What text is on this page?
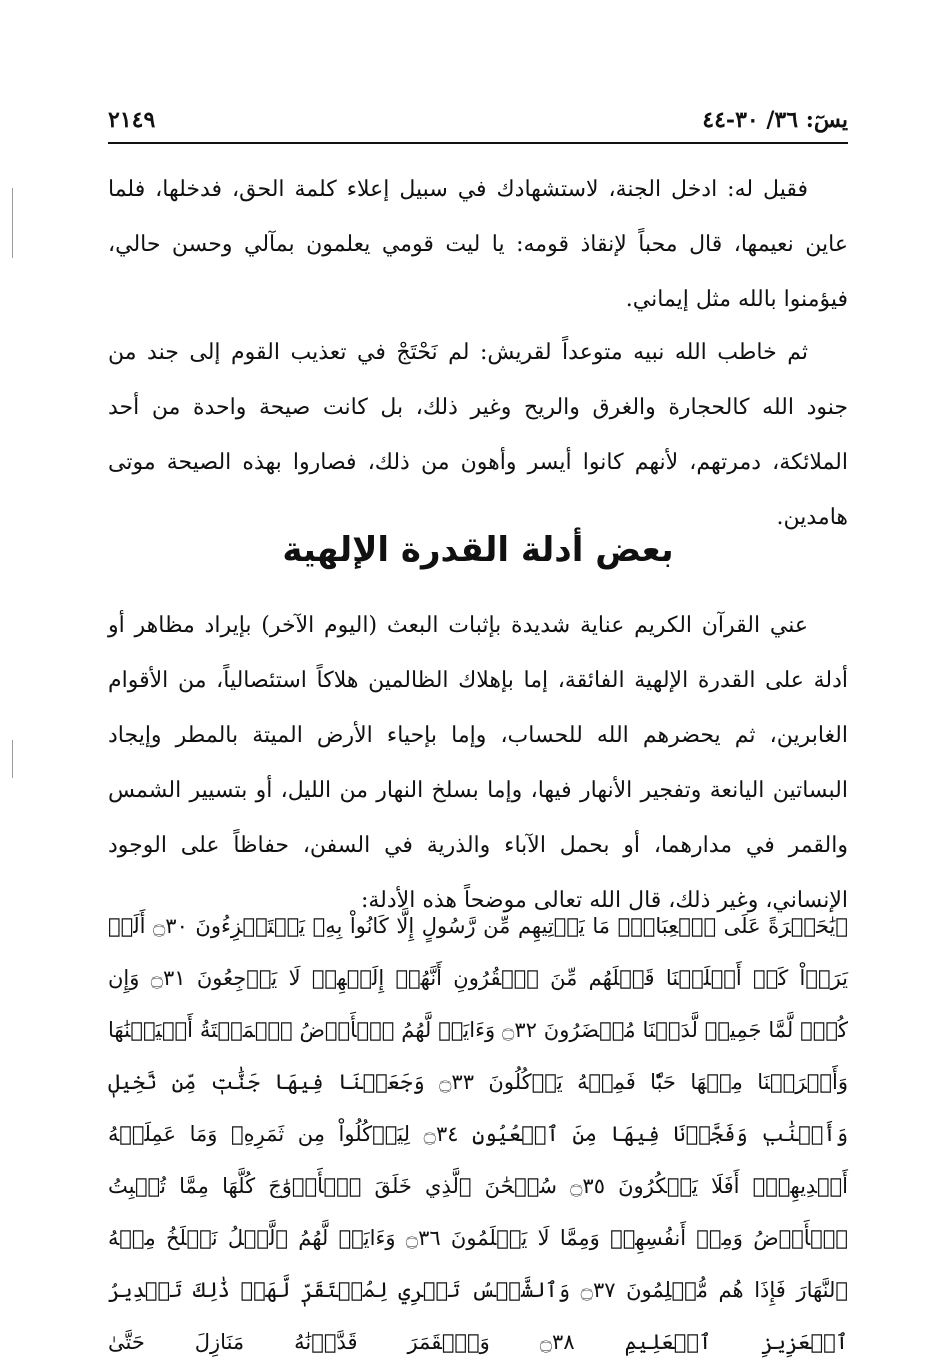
٢١٤٩	يسٓ: ٣٦/ ٣٠-٤٤

فقيل له: ادخل الجنة، لاستشهادك في سبيل إعلاء كلمة الحق، فدخلها، فلما عاين نعيمها، قال محباً لإنقاذ قومه: يا ليت قومي يعلمون بمآلي وحسن حالي، فيؤمنوا بالله مثل إيماني.

ثم خاطب الله نبيه متوعداً لقريش: لم نَحْتَجْ في تعذيب القوم إلى جند من جنود الله كالحجارة والغرق والريح وغير ذلك، بل كانت صيحة واحدة من أحد الملائكة، دمرتهم، لأنهم كانوا أيسر وأهون من ذلك، فصاروا بهذه الصيحة موتى هامدين.

بعض أدلة القدرة الإلهية

عني القرآن الكريم عناية شديدة بإثبات البعث (اليوم الآخر) بإيراد مظاهر أو أدلة على القدرة الإلهية الفائقة، إما بإهلاك الظالمين هلاكاً استئصالياً، من الأقوام الغابرين، ثم يحضرهم الله للحساب، وإما بإحياء الأرض الميتة بالمطر وإيجاد البساتين اليانعة وتفجير الأنهار فيها، وإما بسلخ النهار من الليل، أو بتسيير الشمس والقمر في مدارهما، أو بحمل الآباء والذرية في السفن، حفاظاً على الوجود الإنساني، وغير ذلك، قال الله تعالى موضحاً هذه الأدلة:

﴿يَٰحَسۡرَةً عَلَى ٱلۡعِبَادِۚ مَا يَأۡتِيهِم مِّن رَّسُولٍ إِلَّا كَانُواْ بِهِۦ يَسۡتَهۡزِءُونَ ۝٣٠ أَلَمۡ يَرَوۡاْ كَمۡ أَهۡلَكۡنَا قَبۡلَهُم مِّنَ ٱلۡقُرُونِ أَنَّهُمۡ إِلَيۡهِمۡ لَا يَرۡجِعُونَ ۝٣١ وَإِن كُلّٞ لَّمَّا جَمِيعٞ لَّدَيۡنَا مُحۡضَرُونَ ۝٣٢ وَءَايَةٞ لَّهُمُ ٱلۡأَرۡضُ ٱلۡمَيۡتَةُ أَحۡيَيۡنَٰهَا وَأَخۡرَجۡنَا مِنۡهَا حَبّٗا فَمِنۡهُ يَأۡكُلُونَ ۝٣٣ وَجَعَلۡنَا فِيهَا جَنَّٰتٖ مِّن نَّخِيلٖ وَأَعۡنَٰبٖ وَفَجَّرۡنَا فِيهَا مِنَ ٱلۡعُيُونِ ۝٣٤ لِيَأۡكُلُواْ مِن ثَمَرِهِۦ وَمَا عَمِلَتۡهُ أَيۡدِيهِمۡۚ أَفَلَا يَشۡكُرُونَ ۝٣٥ سُبۡحَٰنَ ٱلَّذِي خَلَقَ ٱلۡأَزۡوَٰجَ كُلَّهَا مِمَّا تُنۢبِتُ ٱلۡأَرۡضُ وَمِنۡ أَنفُسِهِمۡ وَمِمَّا لَا يَعۡلَمُونَ ۝٣٦ وَءَايَةٞ لَّهُمُ ٱلَّيۡلُ نَسۡلَخُ مِنۡهُ ٱلنَّهَارَ فَإِذَا هُم مُّظۡلِمُونَ ۝٣٧ وَٱلشَّمۡسُ تَجۡرِي لِمُسۡتَقَرّٖ لَّهَاۚ ذَٰلِكَ تَقۡدِيرُ ٱلۡعَزِيزِ ٱلۡعَلِيمِ ۝٣٨ وَٱلۡقَمَرَ قَدَّرۡنَٰهُ مَنَازِلَ حَتَّىٰ
